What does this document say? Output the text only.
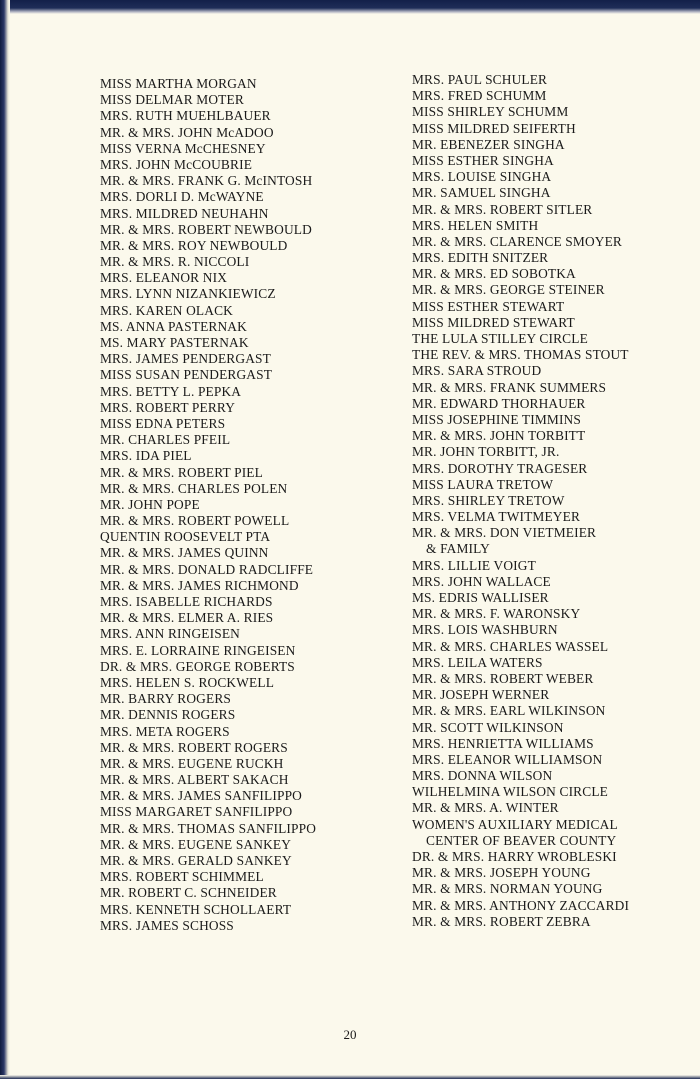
MISS MARTHA MORGAN
MISS DELMAR MOTER
MRS. RUTH MUEHLBAUER
MR. & MRS. JOHN McADOO
MISS VERNA McCHESNEY
MRS. JOHN McCOUBRIE
MR. & MRS. FRANK G. McINTOSH
MRS. DORLI D. McWAYNE
MRS. MILDRED NEUHAHN
MR. & MRS. ROBERT NEWBOULD
MR. & MRS. ROY NEWBOULD
MR. & MRS. R. NICCOLI
MRS. ELEANOR NIX
MRS. LYNN NIZANKIEWICZ
MRS. KAREN OLACK
MS. ANNA PASTERNAK
MS. MARY PASTERNAK
MRS. JAMES PENDERGAST
MISS SUSAN PENDERGAST
MRS. BETTY L. PEPKA
MRS. ROBERT PERRY
MISS EDNA PETERS
MR. CHARLES PFEIL
MRS. IDA PIEL
MR. & MRS. ROBERT PIEL
MR. & MRS. CHARLES POLEN
MR. JOHN POPE
MR. & MRS. ROBERT POWELL
QUENTIN ROOSEVELT PTA
MR. & MRS. JAMES QUINN
MR. & MRS. DONALD RADCLIFFE
MR. & MRS. JAMES RICHMOND
MRS. ISABELLE RICHARDS
MR. & MRS. ELMER A. RIES
MRS. ANN RINGEISEN
MRS. E. LORRAINE RINGEISEN
DR. & MRS. GEORGE ROBERTS
MRS. HELEN S. ROCKWELL
MR. BARRY ROGERS
MR. DENNIS ROGERS
MRS. META ROGERS
MR. & MRS. ROBERT ROGERS
MR. & MRS. EUGENE RUCKH
MR. & MRS. ALBERT SAKACH
MR. & MRS. JAMES SANFILIPPO
MISS MARGARET SANFILIPPO
MR. & MRS. THOMAS SANFILIPPO
MR. & MRS. EUGENE SANKEY
MR. & MRS. GERALD SANKEY
MRS. ROBERT SCHIMMEL
MR. ROBERT C. SCHNEIDER
MRS. KENNETH SCHOLLAERT
MRS. JAMES SCHOSS
MRS. PAUL SCHULER
MRS. FRED SCHUMM
MISS SHIRLEY SCHUMM
MISS MILDRED SEIFERTH
MR. EBENEZER SINGHA
MISS ESTHER SINGHA
MRS. LOUISE SINGHA
MR. SAMUEL SINGHA
MR. & MRS. ROBERT SITLER
MRS. HELEN SMITH
MR. & MRS. CLARENCE SMOYER
MRS. EDITH SNITZER
MR. & MRS. ED SOBOTKA
MR. & MRS. GEORGE STEINER
MISS ESTHER STEWART
MISS MILDRED STEWART
THE LULA STILLEY CIRCLE
THE REV. & MRS. THOMAS STOUT
MRS. SARA STROUD
MR. & MRS. FRANK SUMMERS
MR. EDWARD THORHAUER
MISS JOSEPHINE TIMMINS
MR. & MRS. JOHN TORBITT
MR. JOHN TORBITT, JR.
MRS. DOROTHY TRAGESER
MISS LAURA TRETOW
MRS. SHIRLEY TRETOW
MRS. VELMA TWITMEYER
MR. & MRS. DON VIETMEIER
& FAMILY
MRS. LILLIE VOIGT
MRS. JOHN WALLACE
MS. EDRIS WALLISER
MR. & MRS. F. WARONSKY
MRS. LOIS WASHBURN
MR. & MRS. CHARLES WASSEL
MRS. LEILA WATERS
MR. & MRS. ROBERT WEBER
MR. JOSEPH WERNER
MR. & MRS. EARL WILKINSON
MR. SCOTT WILKINSON
MRS. HENRIETTA WILLIAMS
MRS. ELEANOR WILLIAMSON
MRS. DONNA WILSON
WILHELMINA WILSON CIRCLE
MR. & MRS. A. WINTER
WOMEN'S AUXILIARY MEDICAL
CENTER OF BEAVER COUNTY
DR. & MRS. HARRY WROBLESKI
MR. & MRS. JOSEPH YOUNG
MR. & MRS. NORMAN YOUNG
MR. & MRS. ANTHONY ZACCARDI
MR. & MRS. ROBERT ZEBRA
20
